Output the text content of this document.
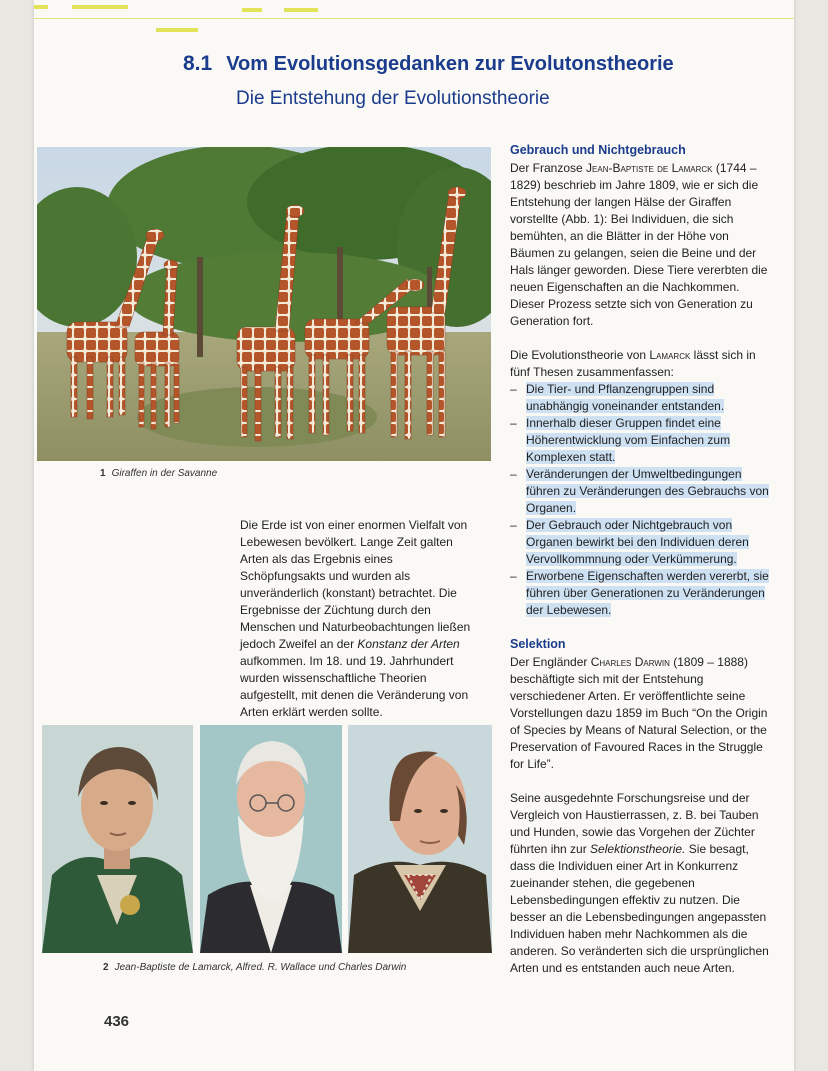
8.1 Vom Evolutionsgedanken zur Evolutonstheorie
Die Entstehung der Evolutionstheorie
1 Giraffen in der Savanne
Die Erde ist von einer enormen Vielfalt von Lebewesen bevölkert. Lange Zeit galten Arten als das Ergebnis eines Schöpfungsakts und wurden als unveränderlich (konstant) betrachtet. Die Ergebnisse der Züchtung durch den Menschen und Naturbeobachtungen ließen jedoch Zweifel an der Konstanz der Arten aufkommen. Im 18. und 19. Jahrhundert wurden wissenschaftliche Theorien aufgestellt, mit denen die Veränderung von Arten erklärt werden sollte.
2 Jean-Baptiste de Lamarck, Alfred. R. Wallace und Charles Darwin
436
Gebrauch und Nichtgebrauch

Der Franzose Jean-Baptiste de Lamarck (1744 – 1829) beschrieb im Jahre 1809, wie er sich die Entstehung der langen Hälse der Giraffen vorstellte (Abb. 1): Bei Individuen, die sich bemühten, an die Blätter in der Höhe von Bäumen zu gelangen, seien die Beine und der Hals länger geworden. Diese Tiere vererbten die neuen Eigenschaften an die Nachkommen. Dieser Prozess setzte sich von Generation zu Generation fort.

Die Evolutionstheorie von Lamarck lässt sich in fünf Thesen zusammenfassen:

– Die Tier- und Pflanzengruppen sind unabhängig voneinander entstanden.
– Innerhalb dieser Gruppen findet eine Höherentwicklung vom Einfachen zum Komplexen statt.
– Veränderungen der Umweltbedingungen führen zu Veränderungen des Gebrauchs von Organen.
– Der Gebrauch oder Nichtgebrauch von Organen bewirkt bei den Individuen deren Vervollkommnung oder Verkümmerung.
– Erworbene Eigenschaften werden vererbt, sie führen über Generationen zu Veränderungen der Lebewesen.
Selektion

Der Engländer Charles Darwin (1809 – 1888) beschäftigte sich mit der Entstehung verschiedener Arten. Er veröffentlichte seine Vorstellungen dazu 1859 im Buch “On the Origin of Species by Means of Natural Selection, or the Preservation of Favoured Races in the Struggle for Life”.

Seine ausgedehnte Forschungsreise und der Vergleich von Haustierrassen, z. B. bei Tauben und Hunden, sowie das Vorgehen der Züchter führten ihn zur Selektionstheorie. Sie besagt, dass die Individuen einer Art in Konkurrenz zueinander stehen, die gegebenen Lebensbedingungen effektiv zu nutzen. Die besser an die Lebensbedingungen angepassten Individuen haben mehr Nachkommen als die anderen. So veränderten sich die ursprünglichen Arten und es entstanden auch neue Arten.
